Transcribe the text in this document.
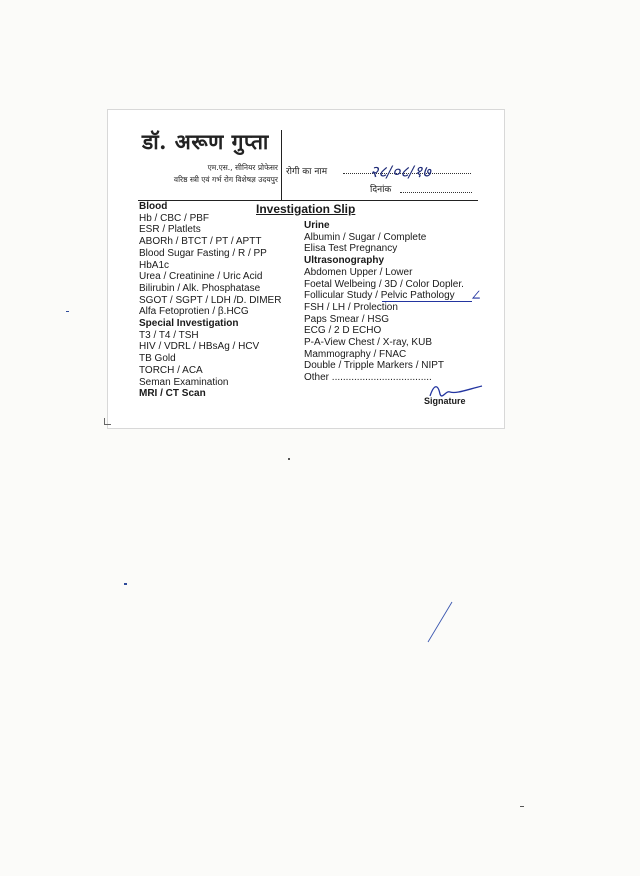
डॉ. अरूण गुप्ता
एम.एस., सीनियर प्रोफेसर
वरिष्ठ स्त्री एवं गर्भ रोग विशेषज्ञ उदयपुर
रोगी का नाम	२८/०८/१७
दिनांक
Investigation Slip
Blood
Hb / CBC / PBF
ESR / Platlets
ABORh / BTCT / PT / APTT
Blood Sugar Fasting / R / PP
HbA1c
Urea / Creatinine / Uric Acid
Bilirubin / Alk. Phosphatase
SGOT / SGPT / LDH /D. DIMER
Alfa Fetoprotien / β.HCG
Special Investigation
T3 / T4 / TSH
HIV / VDRL / HBsAg / HCV
TB Gold
TORCH / ACA
Seman Examination
MRI / CT Scan
Urine
Albumin / Sugar / Complete
Elisa Test Pregnancy
Ultrasonography
Abdomen Upper / Lower
Foetal Welbeing / 3D / Color Dopler.
Follicular Study / Pelvic Pathology
FSH / LH / Prolection
Paps Smear / HSG
ECG / 2 D ECHO
P-A-View Chest / X-ray, KUB
Mammography / FNAC
Double / Tripple Markers / NIPT
Other ....................................
∠
Signature
